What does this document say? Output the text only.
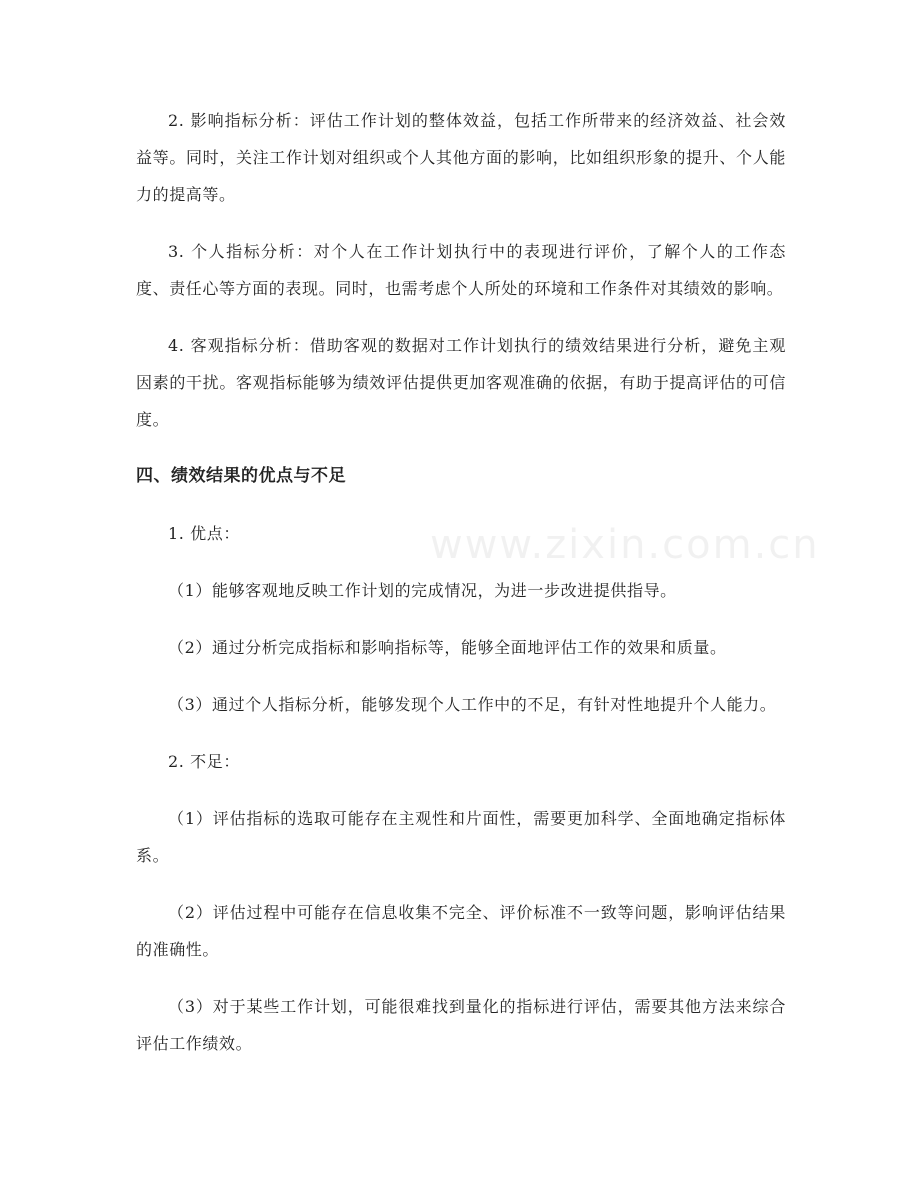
www.zixin.com.cn

2. 影响指标分析：评估工作计划的整体效益，包括工作所带来的经济效益、社会效益等。同时，关注工作计划对组织或个人其他方面的影响，比如组织形象的提升、个人能力的提高等。

3. 个人指标分析：对个人在工作计划执行中的表现进行评价，了解个人的工作态度、责任心等方面的表现。同时，也需考虑个人所处的环境和工作条件对其绩效的影响。

4. 客观指标分析：借助客观的数据对工作计划执行的绩效结果进行分析，避免主观因素的干扰。客观指标能够为绩效评估提供更加客观准确的依据，有助于提高评估的可信度。

四、绩效结果的优点与不足

1. 优点：

（1）能够客观地反映工作计划的完成情况，为进一步改进提供指导。

（2）通过分析完成指标和影响指标等，能够全面地评估工作的效果和质量。

（3）通过个人指标分析，能够发现个人工作中的不足，有针对性地提升个人能力。

2. 不足：

（1）评估指标的选取可能存在主观性和片面性，需要更加科学、全面地确定指标体系。

（2）评估过程中可能存在信息收集不完全、评价标准不一致等问题，影响评估结果的准确性。

（3）对于某些工作计划，可能很难找到量化的指标进行评估，需要其他方法来综合评估工作绩效。
